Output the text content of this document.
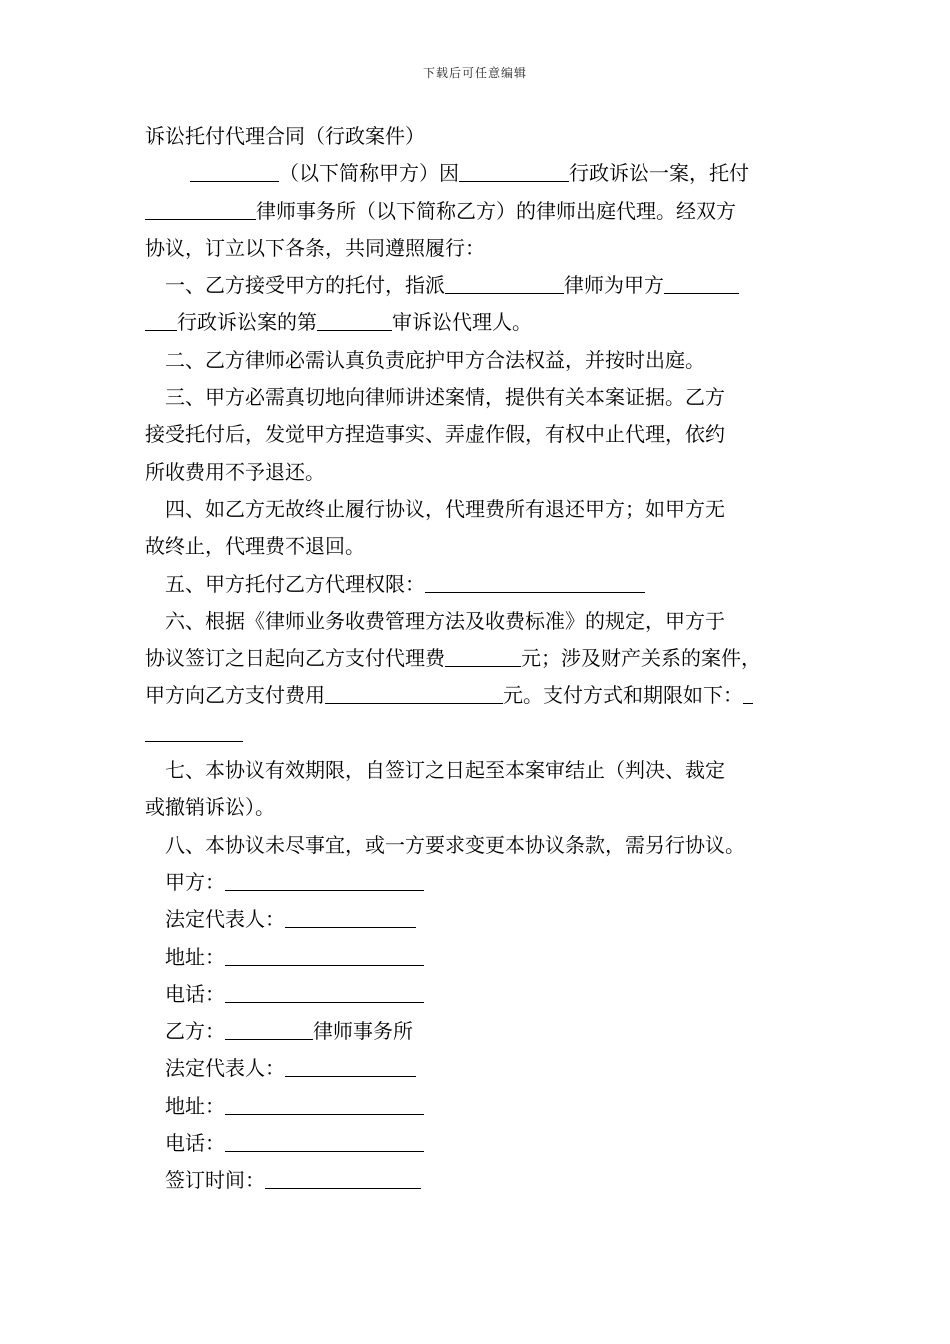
下载后可任意编辑
诉讼托付代理合同（行政案件）
（以下简称甲方）因	行政诉讼一案，托付
律师事务所（以下简称乙方）的律师出庭代理。经双方
协议，订立以下各条，共同遵照履行：
一、乙方接受甲方的托付，指派	律师为甲方
行政诉讼案的第	审诉讼代理人。
二、乙方律师必需认真负责庇护甲方合法权益，并按时出庭。
三、甲方必需真切地向律师讲述案情，提供有关本案证据。乙方
接受托付后，发觉甲方捏造事实、弄虚作假，有权中止代理，依约
所收费用不予退还。
四、如乙方无故终止履行协议，代理费所有退还甲方；如甲方无
故终止，代理费不退回。
五、甲方托付乙方代理权限：
六、根据《律师业务收费管理方法及收费标准》的规定，甲方于
协议签订之日起向乙方支付代理费	元；涉及财产关系的案件，
甲方向乙方支付费用	元。支付方式和期限如下：
七、本协议有效期限，自签订之日起至本案审结止（判决、裁定
或撤销诉讼）。
八、本协议未尽事宜，或一方要求变更本协议条款，需另行协议。
甲方：
法定代表人：
地址：
电话：
乙方：	律师事务所
法定代表人：
地址：
电话：
签订时间：
